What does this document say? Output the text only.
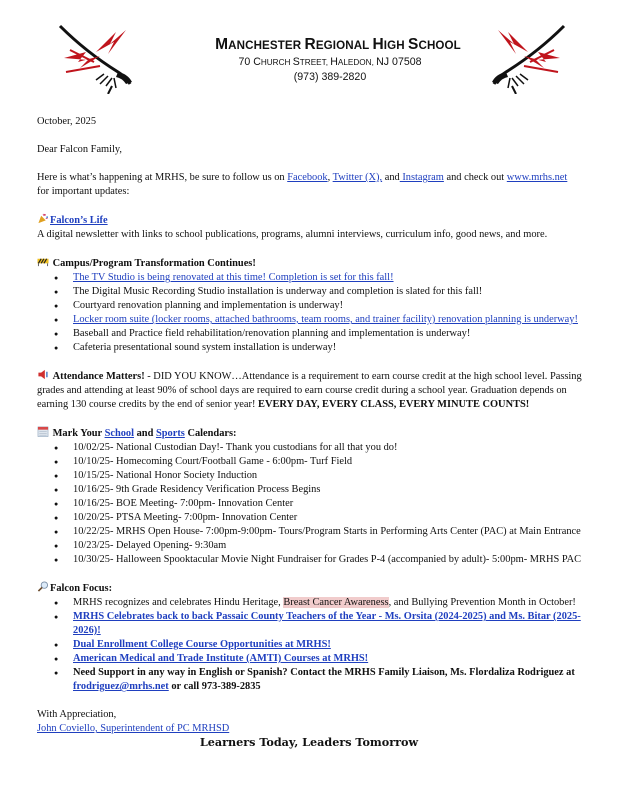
MANCHESTER REGIONAL HIGH SCHOOL
70 CHURCH STREET, HALEDON, NJ 07508
(973) 389-2820

October, 2025

Dear Falcon Family,

Here is what’s happening at MRHS, be sure to follow us on Facebook, Twitter (X), and Instagram and check out www.mrhs.net for important updates:

Falcon’s Life

A digital newsletter with links to school publications, programs, alumni interviews, curriculum info, good news, and more.

Campus/Program Transformation Continues!

● The TV Studio is being renovated at this time! Completion is set for this fall!
● The Digital Music Recording Studio installation is underway and completion is slated for this fall!
● Courtyard renovation planning and implementation is underway!
● Locker room suite (locker rooms, attached bathrooms, team rooms, and trainer facility) renovation planning is underway!
● Baseball and Practice field rehabilitation/renovation planning and implementation is underway!
● Cafeteria presentational sound system installation is underway!

Attendance Matters! - DID YOU KNOW…Attendance is a requirement to earn course credit at the high school level. Passing grades and attending at least 90% of school days are required to earn course credit during a school year. Graduation depends on earning 130 course credits by the end of senior year! EVERY DAY, EVERY CLASS, EVERY MINUTE COUNTS!

Mark Your School and Sports Calendars:

● 10/02/25- National Custodian Day!- Thank you custodians for all that you do!
● 10/10/25- Homecoming Court/Football Game - 6:00pm- Turf Field
● 10/15/25- National Honor Society Induction
● 10/16/25- 9th Grade Residency Verification Process Begins
● 10/16/25- BOE Meeting- 7:00pm- Innovation Center
● 10/20/25- PTSA Meeting- 7:00pm- Innovation Center
● 10/22/25- MRHS Open House- 7:00pm-9:00pm- Tours/Program Starts in Performing Arts Center (PAC) at Main Entrance
● 10/23/25- Delayed Opening- 9:30am
● 10/30/25- Halloween Spooktacular Movie Night Fundraiser for Grades P-4 (accompanied by adult)- 5:00pm- MRHS PAC

Falcon Focus:

● MRHS recognizes and celebrates Hindu Heritage, Breast Cancer Awareness, and Bullying Prevention Month in October!
● MRHS Celebrates back to back Passaic County Teachers of the Year - Ms. Orsita (2024-2025) and Ms. Bitar (2025-2026)!
● Dual Enrollment College Course Opportunities at MRHS!
● American Medical and Trade Institute (AMTI) Courses at MRHS!
● Need Support in any way in English or Spanish? Contact the MRHS Family Liaison, Ms. Flordaliza Rodriguez at frodriguez@mrhs.net or call 973-389-2835

With Appreciation,

John Coviello, Superintendent of PC MRHSD

Learners Today, Leaders Tomorrow
